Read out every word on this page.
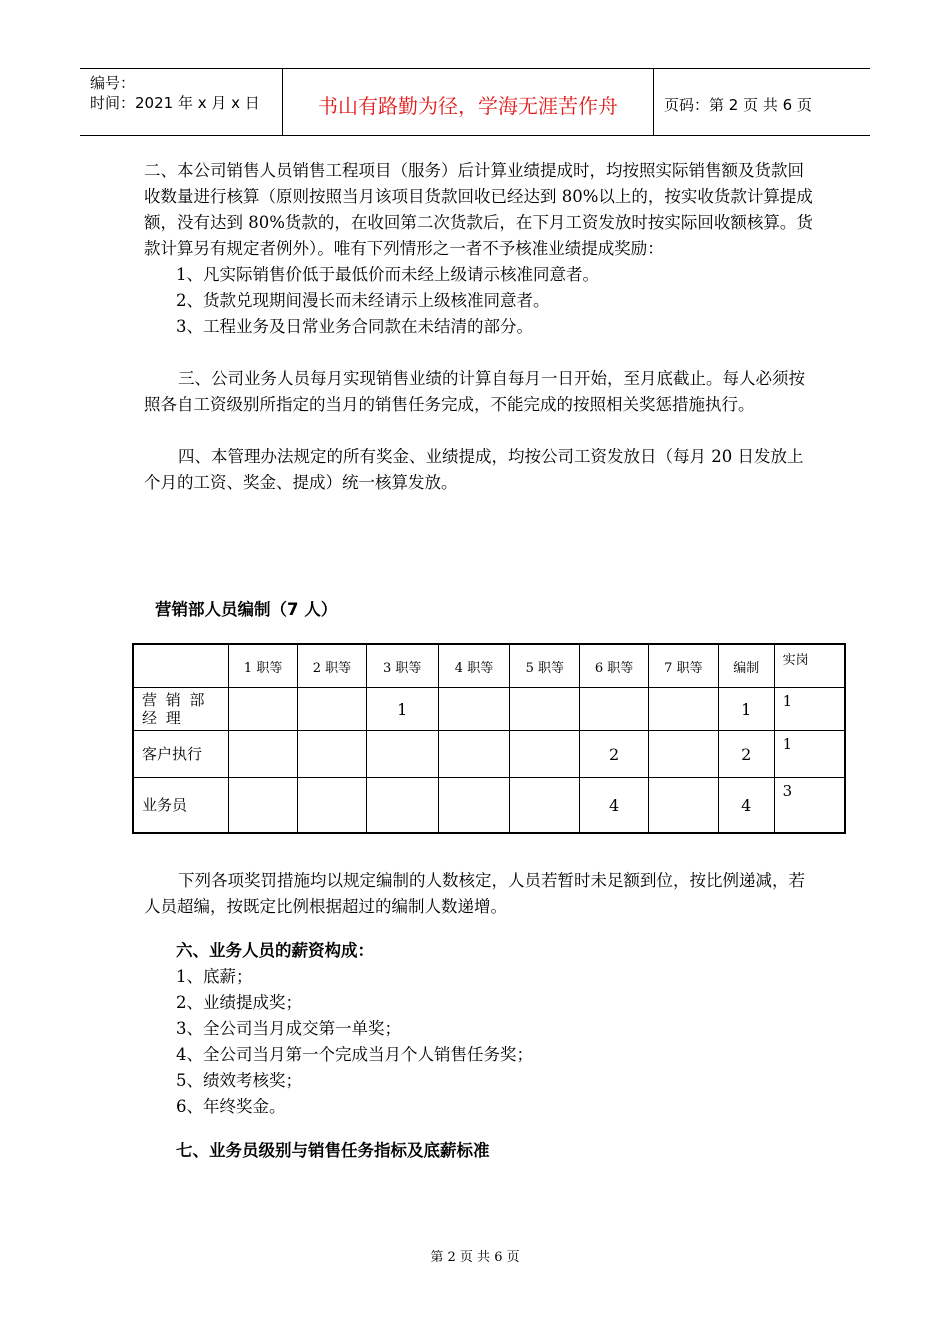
编号：
时间：2021 年 x 月 x 日	书山有路勤为径，学海无涯苦作舟	页码：第 2 页 共 6 页
二、本公司销售人员销售工程项目（服务）后计算业绩提成时，均按照实际销售额及货款回收数量进行核算（原则按照当月该项目货款回收已经达到 80%以上的，按实收货款计算提成额，没有达到 80%货款的，在收回第二次货款后，在下月工资发放时按实际回收额核算。货款计算另有规定者例外）。唯有下列情形之一者不予核准业绩提成奖励：
1、凡实际销售价低于最低价而未经上级请示核准同意者。
2、货款兑现期间漫长而未经请示上级核准同意者。
3、工程业务及日常业务合同款在未结清的部分。
三、公司业务人员每月实现销售业绩的计算自每月一日开始，至月底截止。每人必须按照各自工资级别所指定的当月的销售任务完成，不能完成的按照相关奖惩措施执行。
四、本管理办法规定的所有奖金、业绩提成，均按公司工资发放日（每月 20 日发放上个月的工资、奖金、提成）统一核算发放。
营销部人员编制（7 人）
	1 职等	2 职等	3 职等	4 职等	5 职等	6 职等	7 职等	编制	实岗
营 销 部 经 理			1					1	1
客户执行						2		2	1
业务员						4		4	3
下列各项奖罚措施均以规定编制的人数核定，人员若暂时未足额到位，按比例递减，若人员超编，按既定比例根据超过的编制人数递增。
六、业务人员的薪资构成：
1、底薪；
2、业绩提成奖；
3、全公司当月成交第一单奖；
4、全公司当月第一个完成当月个人销售任务奖；
5、绩效考核奖；
6、年终奖金。
七、业务员级别与销售任务指标及底薪标准
第 2 页 共 6 页
